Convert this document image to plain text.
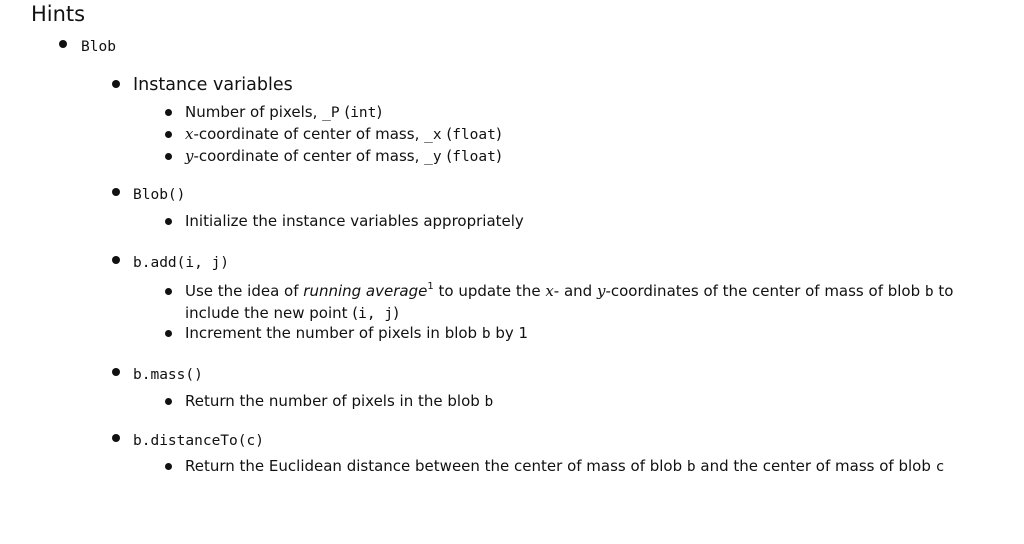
Hints
Blob
Instance variables
Number of pixels, _P (int)
x-coordinate of center of mass, _x (float)
y-coordinate of center of mass, _y (float)
Blob()
Initialize the instance variables appropriately
b.add(i, j)
Use the idea of running average$^1$ to update the x- and y-coordinates of the center of mass of blob b to include the new point (i, j)
Increment the number of pixels in blob b by 1
b.mass()
Return the number of pixels in the blob b
b.distanceTo(c)
Return the Euclidean distance between the center of mass of blob b and the center of mass of blob c
